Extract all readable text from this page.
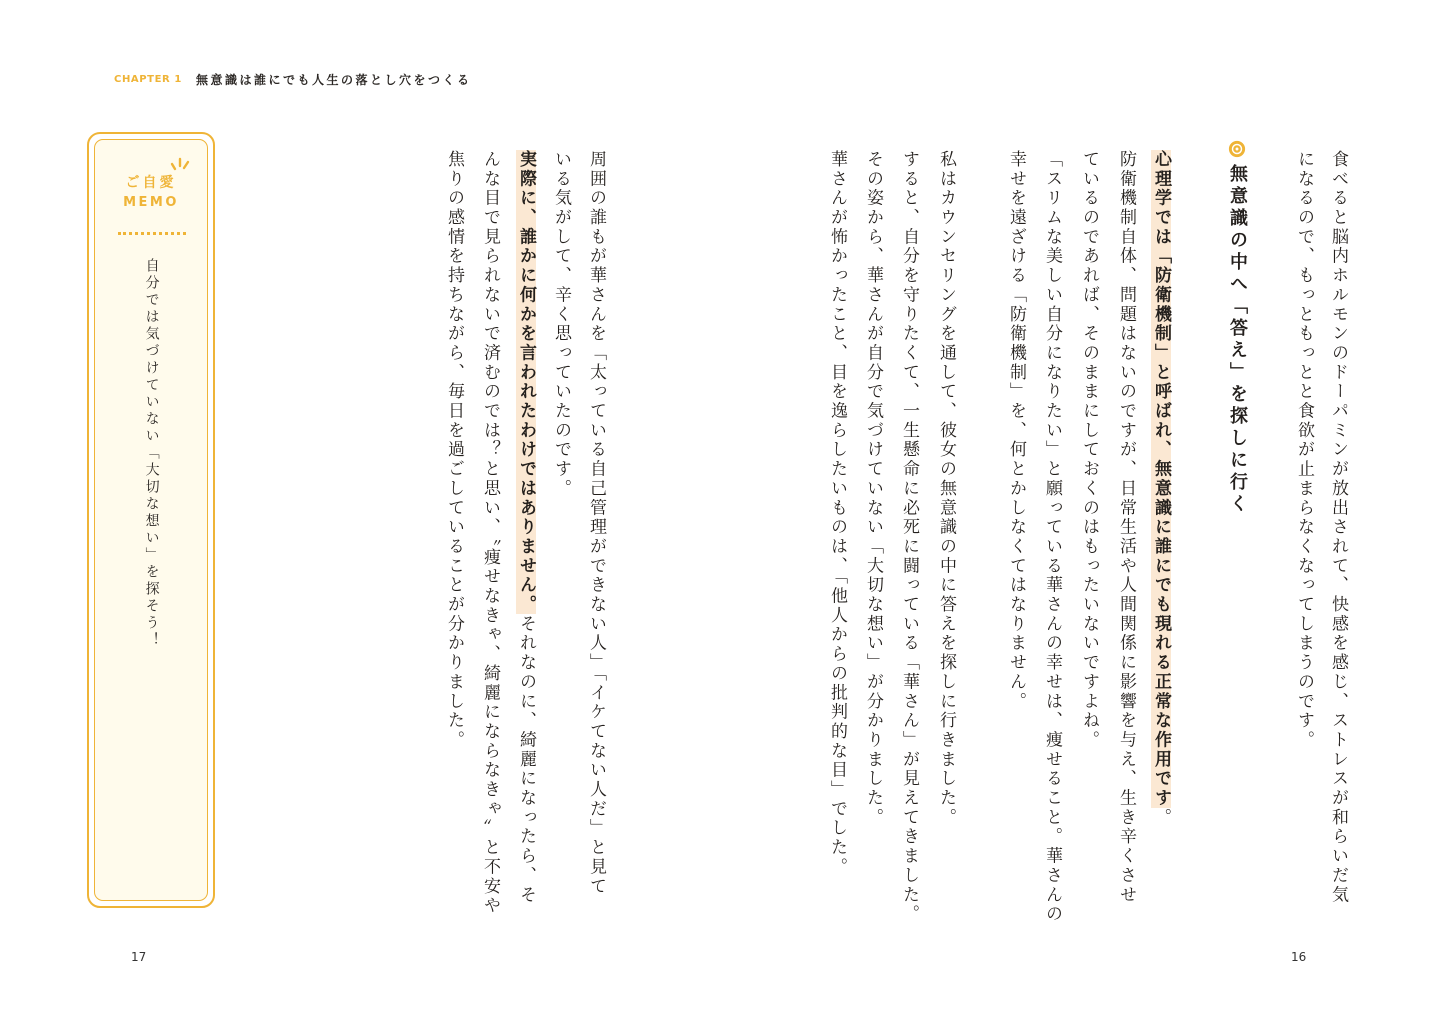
CHAPTER 1 無意識は誰にでも人生の落とし穴をつくる
ご自愛
MEMO
自分では気づけていない「大切な想い」を探そう！	食べると脳内ホルモンのドーパミンが放出されて、快感を感じ、ストレスが和らいだ気
になるので、もっともっとと食欲が止まらなくなってしまうのです。
無意識の中へ「答え」を探しに行く
心理学では「防衛機制」と呼ばれ、無意識に誰にでも現れる正常な作用です。
防衛機制自体、問題はないのですが、日常生活や人間関係に影響を与え、生き辛くさせ
ているのであれば、そのままにしておくのはもったいないですよね。
「スリムな美しい自分になりたい」と願っている華さんの幸せは、痩せること。華さんの
幸せを遠ざける「防衛機制」を、何とかしなくてはなりません。
私はカウンセリングを通して、彼女の無意識の中に答えを探しに行きました。
すると、自分を守りたくて、一生懸命に必死に闘っている「華さん」が見えてきました。
その姿から、華さんが自分で気づけていない「大切な想い」が分かりました。
華さんが怖かったこと、目を逸らしたいものは、「他人からの批判的な目」でした。
周囲の誰もが華さんを「太っている自己管理ができない人」「イケてない人だ」と見て
いる気がして、辛く思っていたのです。
実際に、誰かに何かを言われたわけではありません。それなのに、綺麗になったら、そ
んな目で見られないで済むのでは？と思い、〝痩せなきゃ、綺麗にならなきゃ〟と不安や
焦りの感情を持ちながら、毎日を過ごしていることが分かりました。
17	16
